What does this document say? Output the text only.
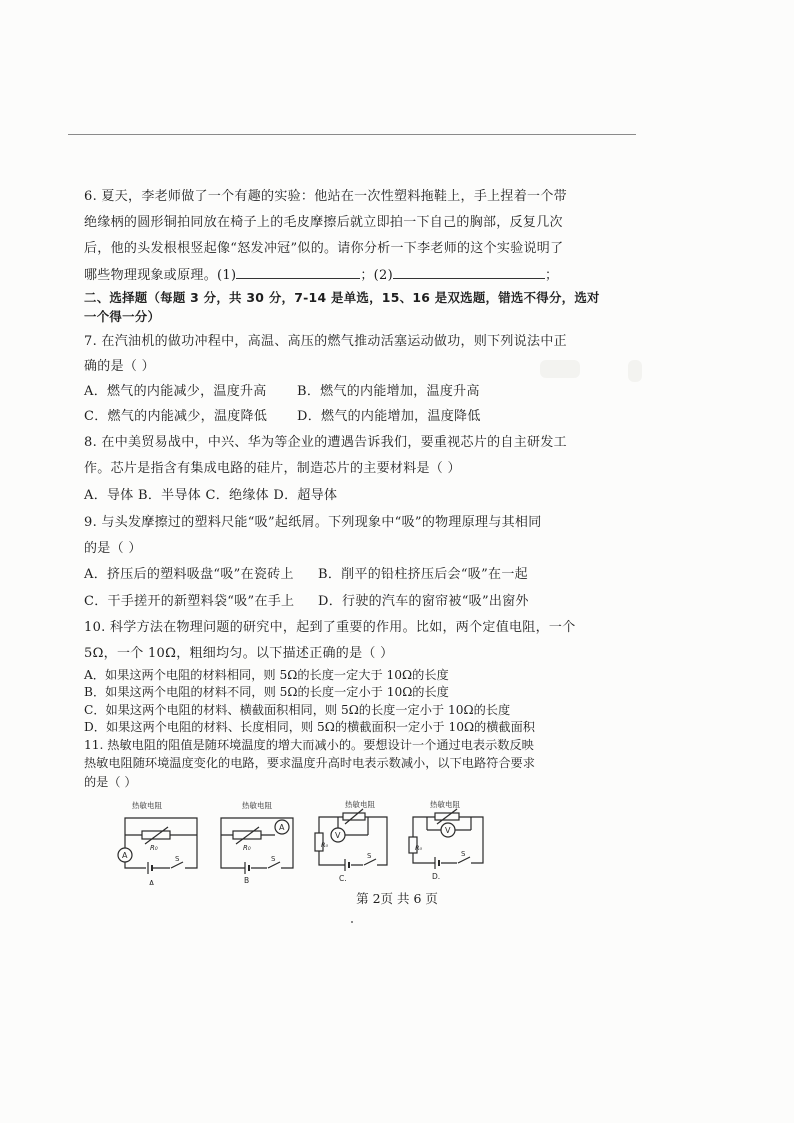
6. 夏天，李老师做了一个有趣的实验：他站在一次性塑料拖鞋上，手上捏着一个带
绝缘柄的圆形铜拍同放在椅子上的毛皮摩擦后就立即拍一下自己的胸部，反复几次
后，他的头发根根竖起像“怒发冲冠”似的。请你分析一下李老师的这个实验说明了
哪些物理现象或原理。(1)	；(2)	；
二、选择题（每题 3 分，共 30 分，7-14 是单选，15、16 是双选题，错选不得分，选对
一个得一分）
7. 在汽油机的做功冲程中，高温、高压的燃气推动活塞运动做功，则下列说法中正
确的是（ ）
A．燃气的内能减少，温度升高 B．燃气的内能增加，温度升高
C．燃气的内能减少，温度降低 D．燃气的内能增加，温度降低
8. 在中美贸易战中，中兴、华为等企业的遭遇告诉我们，要重视芯片的自主研发工
作。芯片是指含有集成电路的硅片，制造芯片的主要材料是（ ）
A．导体 B．半导体 C．绝缘体 D．超导体
9. 与头发摩擦过的塑料尺能“吸”起纸屑。下列现象中“吸”的物理原理与其相同
的是（ ）
A．挤压后的塑料吸盘“吸”在瓷砖上 B．削平的铅柱挤压后会“吸”在一起
C．干手搓开的新塑料袋“吸”在手上 D．行驶的汽车的窗帘被“吸”出窗外
10. 科学方法在物理问题的研究中，起到了重要的作用。比如，两个定值电阻，一个
5Ω，一个 10Ω，粗细均匀。以下描述正确的是（ ）
A．如果这两个电阻的材料相同，则 5Ω的长度一定大于 10Ω的长度
B．如果这两个电阻的材料不同，则 5Ω的长度一定小于 10Ω的长度
C．如果这两个电阻的材料、横截面积相同，则 5Ω的长度一定小于 10Ω的长度
D．如果这两个电阻的材料、长度相同，则 5Ω的横截面积一定小于 10Ω的横截面积
11. 热敏电阻的阻值是随环境温度的增大而减小的。要想设计一个通过电表示数反映
热敏电阻随环境温度变化的电路，要求温度升高时电表示数减小，以下电路符合要求
的是（ ）
热敏电阻
R₀
A	S
A.
热敏电阻
R₀
A
S
B
热敏电阻
V
R₀
S
C.
热敏电阻
V
R₀
S
D.
第 2页 共 6 页
